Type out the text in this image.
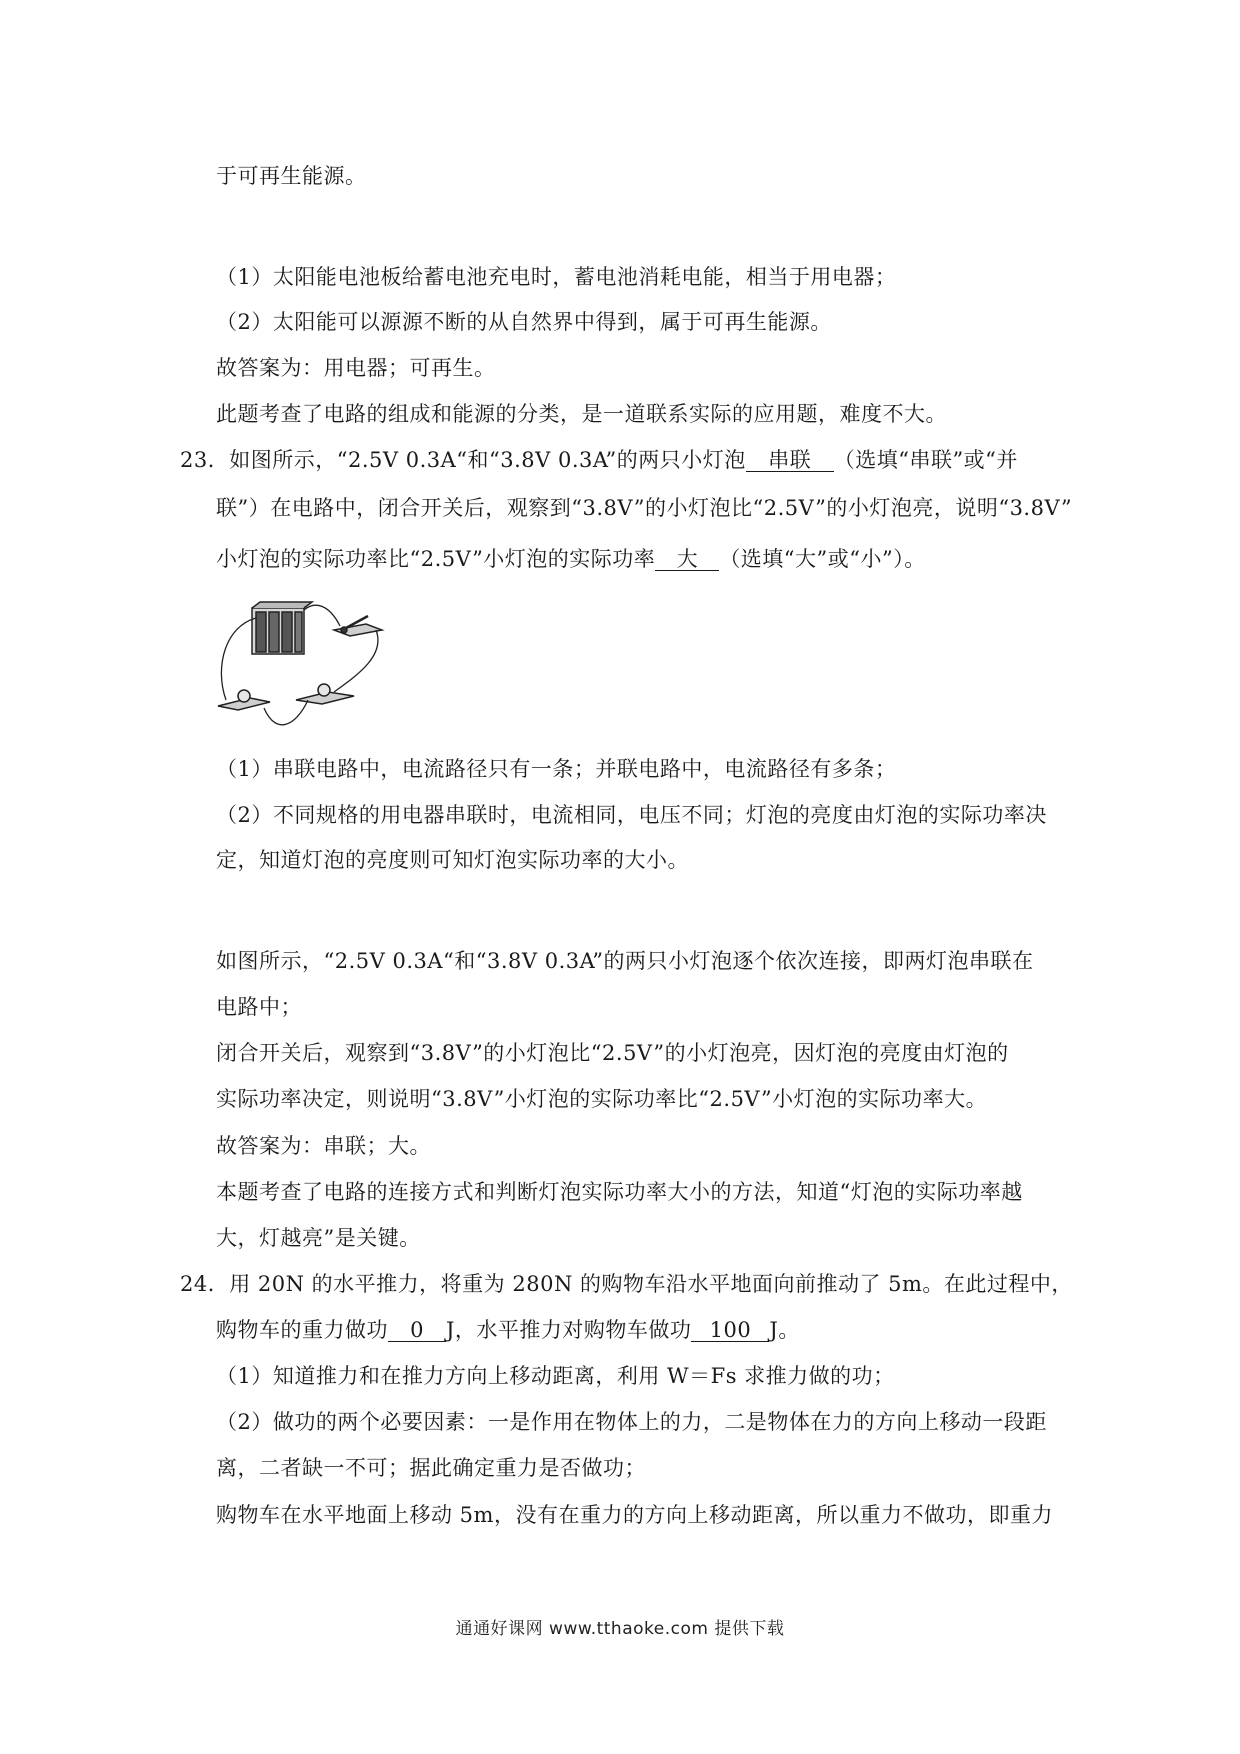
于可再生能源。
（1）太阳能电池板给蓄电池充电时，蓄电池消耗电能，相当于用电器；
（2）太阳能可以源源不断的从自然界中得到，属于可再生能源。
故答案为：用电器；可再生。
此题考查了电路的组成和能源的分类，是一道联系实际的应用题，难度不大。
23．如图所示，“2.5V 0.3A“和“3.8V 0.3A”的两只小灯泡 串联 （选填“串联”或“并
联”）在电路中，闭合开关后，观察到“3.8V”的小灯泡比“2.5V”的小灯泡亮，说明“3.8V”
小灯泡的实际功率比“2.5V”小灯泡的实际功率 大 （选填“大”或“小”）。
（1）串联电路中，电流路径只有一条；并联电路中，电流路径有多条；
（2）不同规格的用电器串联时，电流相同，电压不同；灯泡的亮度由灯泡的实际功率决
定，知道灯泡的亮度则可知灯泡实际功率的大小。
如图所示，“2.5V 0.3A“和“3.8V 0.3A”的两只小灯泡逐个依次连接，即两灯泡串联在
电路中；
闭合开关后，观察到“3.8V”的小灯泡比“2.5V”的小灯泡亮，因灯泡的亮度由灯泡的
实际功率决定，则说明“3.8V”小灯泡的实际功率比“2.5V”小灯泡的实际功率大。
故答案为：串联；大。
本题考查了电路的连接方式和判断灯泡实际功率大小的方法，知道“灯泡的实际功率越
大，灯越亮”是关键。
24．用 20N 的水平推力，将重为 280N 的购物车沿水平地面向前推动了 5m。在此过程中，
购物车的重力做功 0 J，水平推力对购物车做功 100 J。
（1）知道推力和在推力方向上移动距离，利用 W＝Fs 求推力做的功；
（2）做功的两个必要因素：一是作用在物体上的力，二是物体在力的方向上移动一段距
离，二者缺一不可；据此确定重力是否做功；
购物车在水平地面上移动 5m，没有在重力的方向上移动距离，所以重力不做功，即重力
通通好课网 www.tthaoke.com 提供下载
